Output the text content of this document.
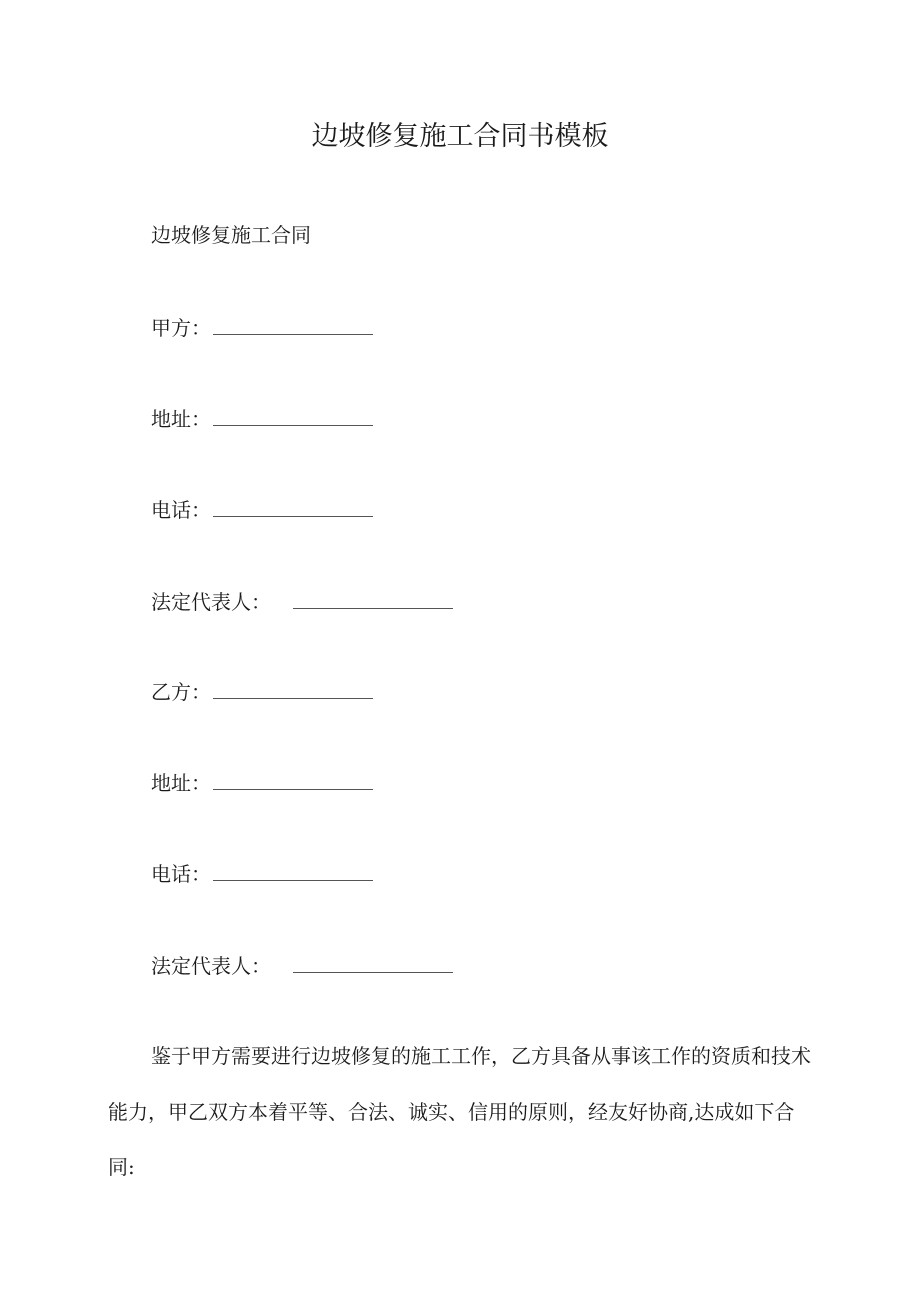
边坡修复施工合同书模板
边坡修复施工合同
甲方：
地址：
电话：
法定代表人：
乙方：
地址：
电话：
法定代表人：
鉴于甲方需要进行边坡修复的施工工作，乙方具备从事该工作的资质和技术
能力，甲乙双方本着平等、合法、诚实、信用的原则，经友好协商,达成如下合
同:
